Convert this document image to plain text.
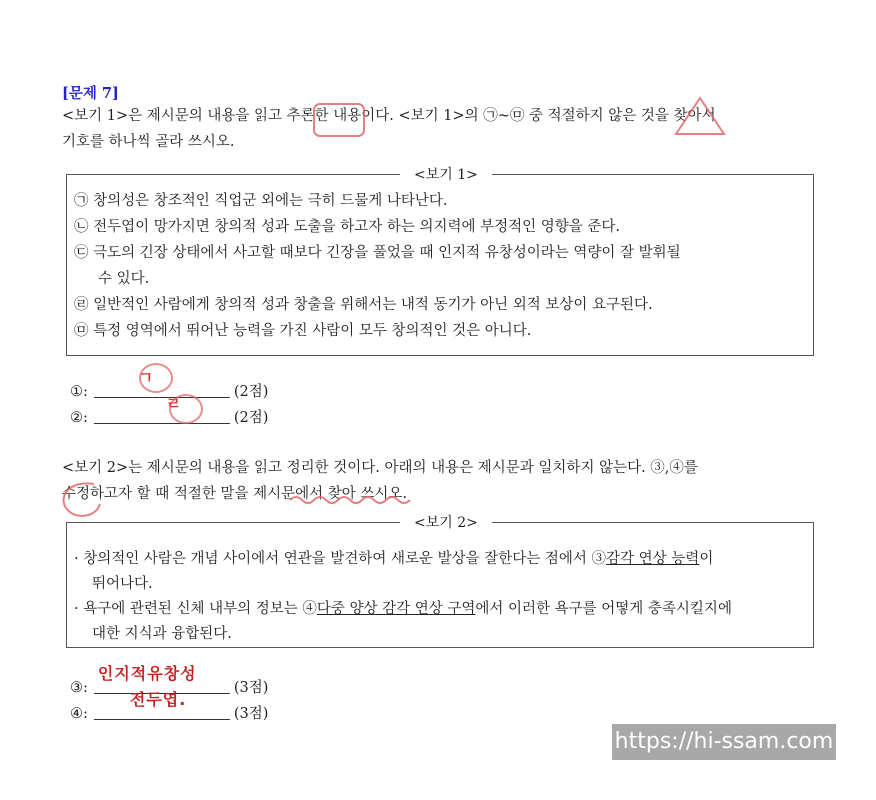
[문제 7]
<보기 1>은 제시문의 내용을 읽고 추론한 내용이다. <보기 1>의 ㉠~㉤ 중 적절하지 않은 것을 찾아서
기호를 하나씩 골라 쓰시오.
<보기 1>
㉠ 창의성은 창조적인 직업군 외에는 극히 드물게 나타난다.
㉡ 전두엽이 망가지면 창의적 성과 도출을 하고자 하는 의지력에 부정적인 영향을 준다.
㉢ 극도의 긴장 상태에서 사고할 때보다 긴장을 풀었을 때 인지적 유창성이라는 역량이 잘 발휘될
수 있다.
㉣ 일반적인 사람에게 창의적 성과 창출을 위해서는 내적 동기가 아닌 외적 보상이 요구된다.
㉤ 특정 영역에서 뛰어난 능력을 가진 사람이 모두 창의적인 것은 아니다.
①:
ㄱ
(2점)
②:
ㄹ
(2점)
<보기 2>는 제시문의 내용을 읽고 정리한 것이다. 아래의 내용은 제시문과 일치하지 않는다. ③,④를
수정하고자 할 때 적절한 말을 제시문에서 찾아 쓰시오.
<보기 2>
· 창의적인 사람은 개념 사이에서 연관을 발견하여 새로운 발상을 잘한다는 점에서 ③감각 연상 능력이
뛰어나다.
· 욕구에 관련된 신체 내부의 정보는 ④다중 양상 감각 연상 구역에서 이러한 욕구를 어떻게 충족시킬지에
대한 지식과 융합된다.
③:
인지적유창성
(3점)
④:
전두엽.
(3점)
https://hi-ssam.com
